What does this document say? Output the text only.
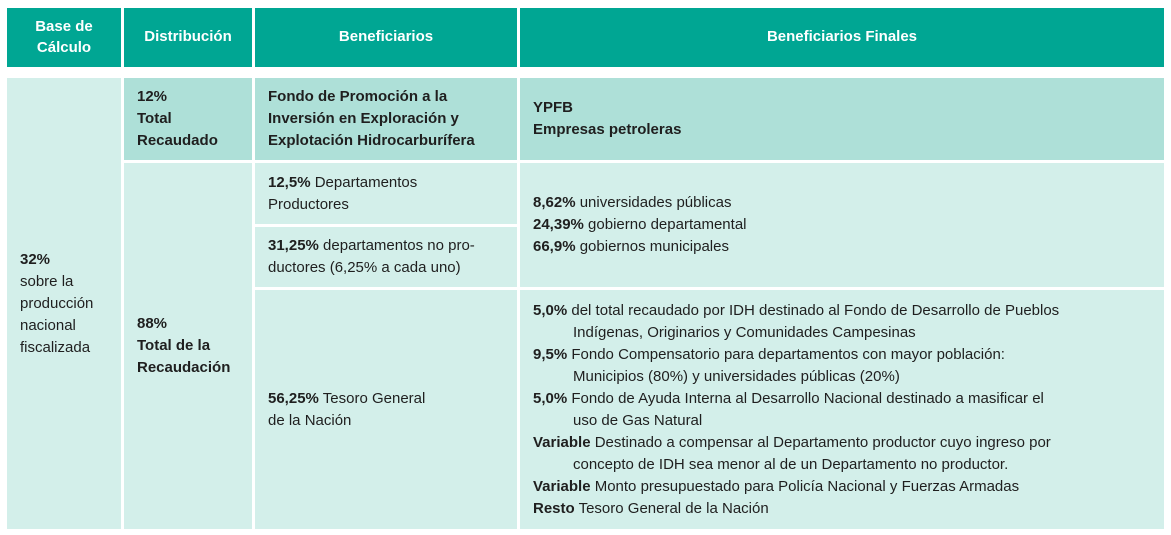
Base de Cálculo
Distribución	Beneficiarios	Beneficiarios Finales
32%
sobre la
producción
nacional
fiscalizada
12%
Total
Recaudado
Fondo de Promoción a la
Inversión en Exploración y
Explotación Hidrocarburífera
YPFB
Empresas petroleras
88%
Total de la
Recaudación
12,5% Departamentos
Productores
31,25% departamentos no pro-
ductores (6,25% a cada uno)
8,62% universidades públicas
24,39% gobierno departamental
66,9% gobiernos municipales
56,25% Tesoro General
de la Nación
5,0% del total recaudado por IDH destinado al Fondo de Desarrollo de Pueblos
Indígenas, Originarios y Comunidades Campesinas
9,5% Fondo Compensatorio para departamentos con mayor población:
Municipios (80%) y universidades públicas (20%)
5,0% Fondo de Ayuda Interna al Desarrollo Nacional destinado a masificar el
uso de Gas Natural
Variable Destinado a compensar al Departamento productor cuyo ingreso por
concepto de IDH sea menor al de un Departamento no productor.
Variable Monto presupuestado para Policía Nacional y Fuerzas Armadas
Resto Tesoro General de la Nación
